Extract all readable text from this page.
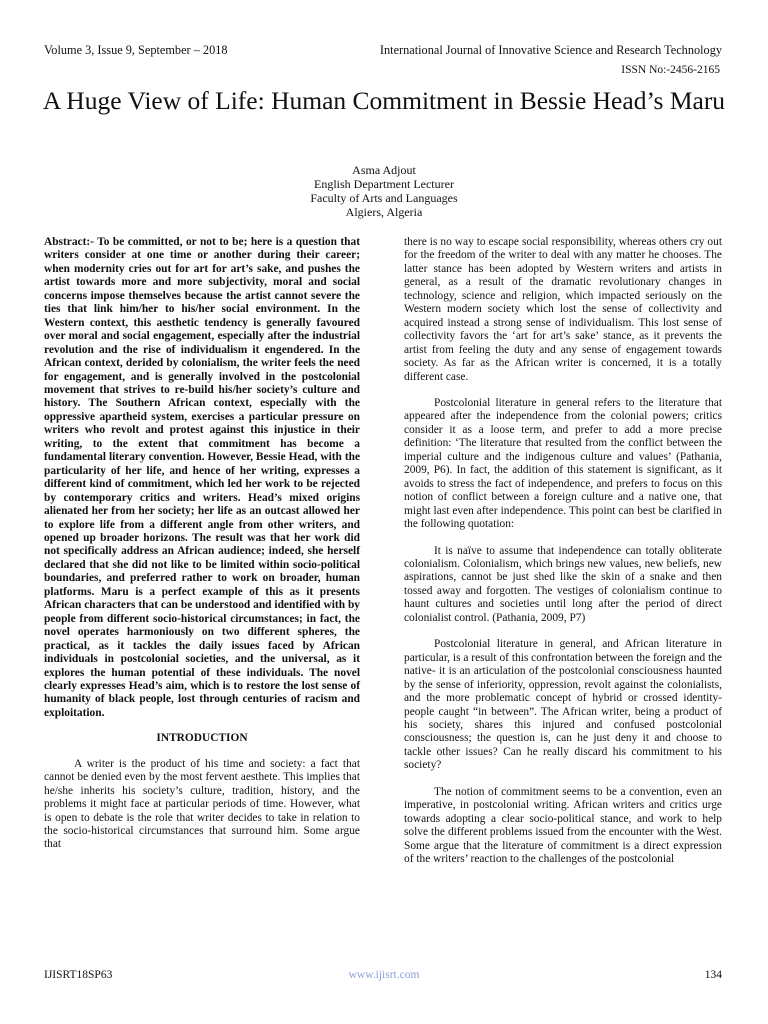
Volume 3, Issue 9, September – 2018	International Journal of Innovative Science and Research Technology
ISSN No:-2456-2165
A Huge View of Life: Human Commitment in Bessie Head’s Maru
Asma Adjout
English Department Lecturer
Faculty of Arts and Languages
Algiers, Algeria

Abstract:- To be committed, or not to be; here is a question that writers consider at one time or another during their career; when modernity cries out for art for art’s sake, and pushes the artist towards more and more subjectivity, moral and social concerns impose themselves because the artist cannot severe the ties that link him/her to his/her social environment. In the Western context, this aesthetic tendency is generally favoured over moral and social engagement, especially after the industrial revolution and the rise of individualism it engendered. In the African context, derided by colonialism, the writer feels the need for engagement, and is generally involved in the postcolonial movement that strives to re-build his/her society’s culture and history. The Southern African context, especially with the oppressive apartheid system, exercises a particular pressure on writers who revolt and protest against this injustice in their writing, to the extent that commitment has become a fundamental literary convention. However, Bessie Head, with the particularity of her life, and hence of her writing, expresses a different kind of commitment, which led her work to be rejected by contemporary critics and writers. Head’s mixed origins alienated her from her society; her life as an outcast allowed her to explore life from a different angle from other writers, and opened up broader horizons. The result was that her work did not specifically address an African audience; indeed, she herself declared that she did not like to be limited within socio-political boundaries, and preferred rather to work on broader, human platforms. Maru is a perfect example of this as it presents African characters that can be understood and identified with by people from different socio-historical circumstances; in fact, the novel operates harmoniously on two different spheres, the practical, as it tackles the daily issues faced by African individuals in postcolonial societies, and the universal, as it explores the human potential of these individuals. The novel clearly expresses Head’s aim, which is to restore the lost sense of humanity of black people, lost through centuries of racism and exploitation.

INTRODUCTION

A writer is the product of his time and society: a fact that cannot be denied even by the most fervent aesthete. This implies that he/she inherits his society’s culture, tradition, history, and the problems it might face at particular periods of time. However, what is open to debate is the role that writer decides to take in relation to the socio-historical circumstances that surround him. Some argue that

there is no way to escape social responsibility, whereas others cry out for the freedom of the writer to deal with any matter he chooses. The latter stance has been adopted by Western writers and artists in general, as a result of the dramatic revolutionary changes in technology, science and religion, which impacted seriously on the Western modern society which lost the sense of collectivity and acquired instead a strong sense of individualism. This lost sense of collectivity favors the ‘art for art’s sake’ stance, as it prevents the artist from feeling the duty and any sense of engagement towards society. As far as the African writer is concerned, it is a totally different case.

Postcolonial literature in general refers to the literature that appeared after the independence from the colonial powers; critics consider it as a loose term, and prefer to add a more precise definition: ‘The literature that resulted from the conflict between the imperial culture and the indigenous culture and values’ (Pathania, 2009, P6). In fact, the addition of this statement is significant, as it avoids to stress the fact of independence, and prefers to focus on this notion of conflict between a foreign culture and a native one, that might last even after independence. This point can best be clarified in the following quotation:

It is naïve to assume that independence can totally obliterate colonialism. Colonialism, which brings new values, new beliefs, new aspirations, cannot be just shed like the skin of a snake and then tossed away and forgotten. The vestiges of colonialism continue to haunt cultures and societies until long after the period of direct colonialist control. (Pathania, 2009, P7)

Postcolonial literature in general, and African literature in particular, is a result of this confrontation between the foreign and the native- it is an articulation of the postcolonial consciousness haunted by the sense of inferiority, oppression, revolt against the colonialists, and the more problematic concept of hybrid or crossed identity- people caught “in between”. The African writer, being a product of his society, shares this injured and confused postcolonial consciousness; the question is, can he just deny it and choose to tackle other issues? Can he really discard his commitment to his society?

The notion of commitment seems to be a convention, even an imperative, in postcolonial writing. African writers and critics urge towards adopting a clear socio-political stance, and work to help solve the different problems issued from the encounter with the West. Some argue that the literature of commitment is a direct expression of the writers’ reaction to the challenges of the postcolonial

IJISRT18SP63	www.ijisrt.com	134
